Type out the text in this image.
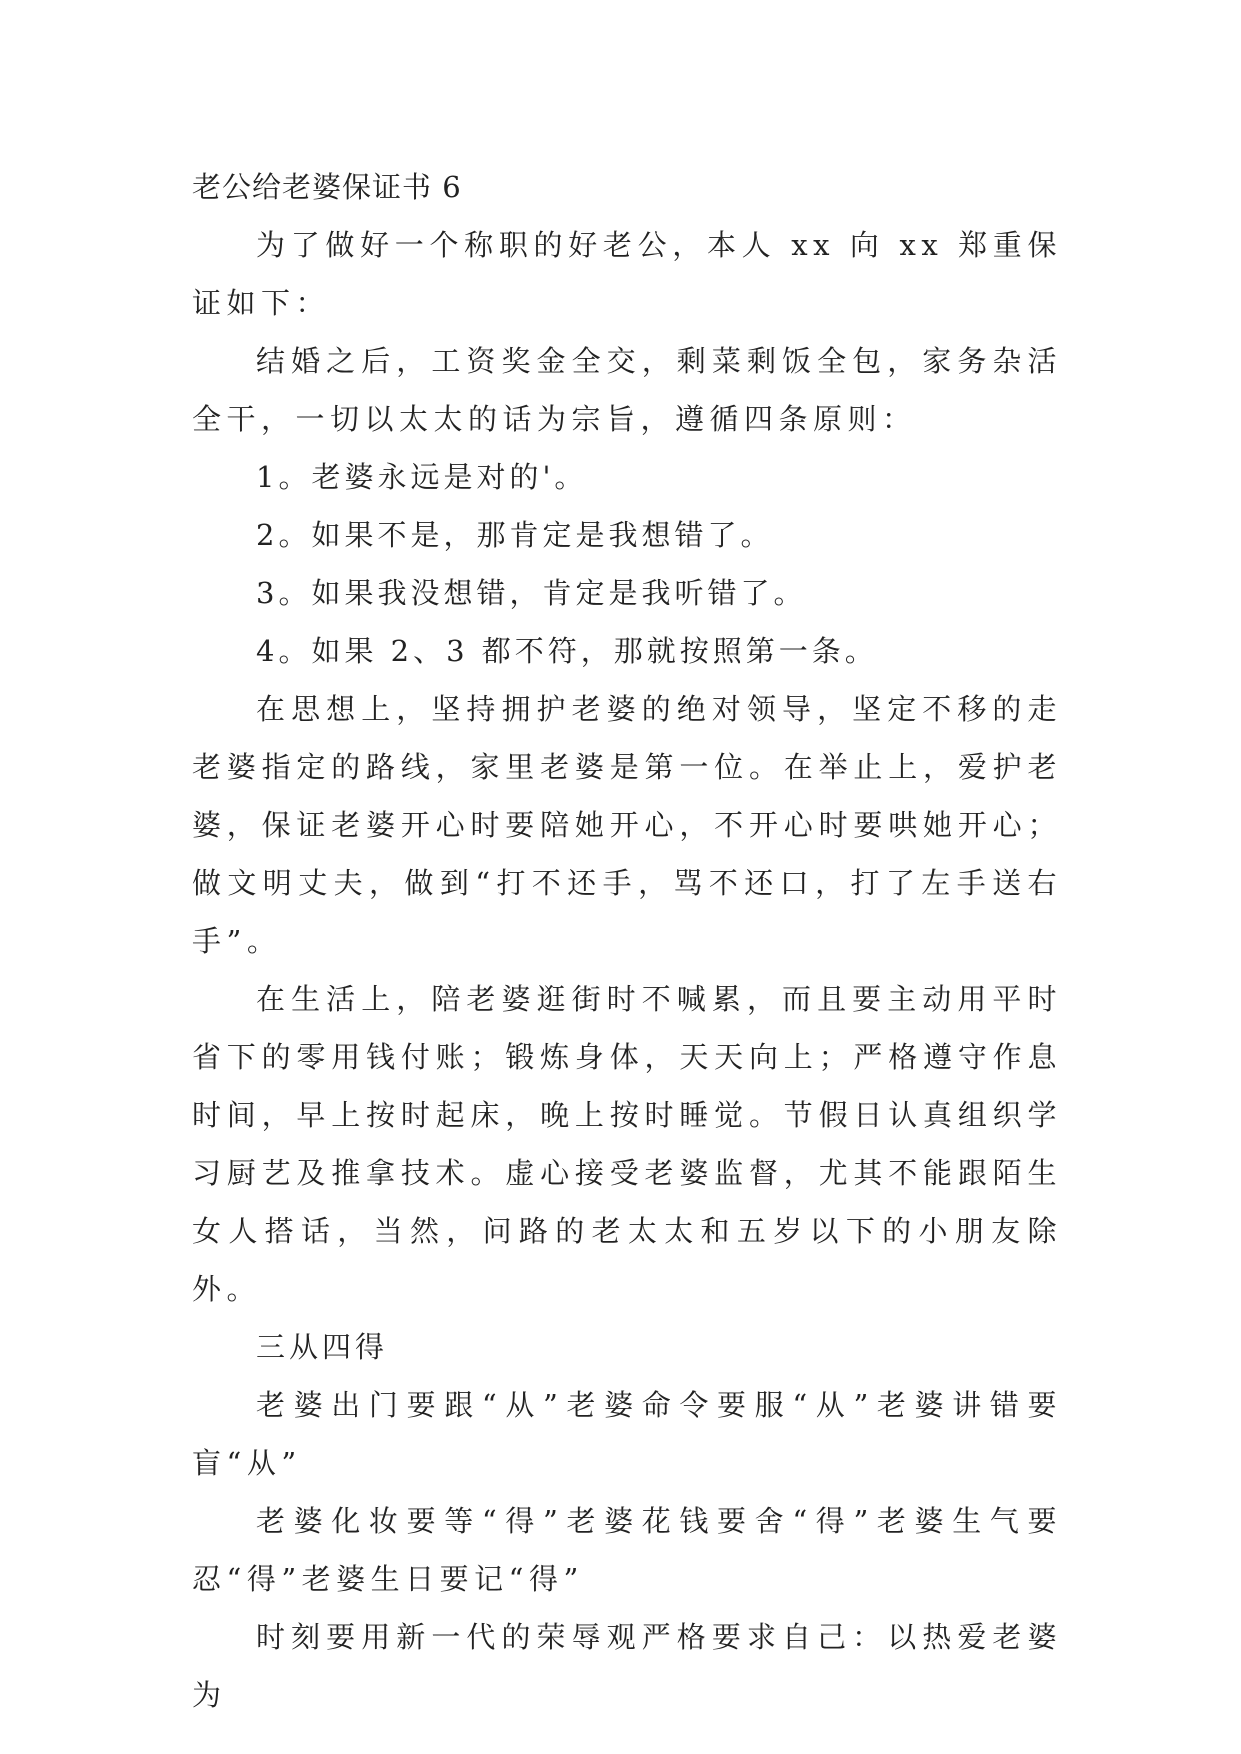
老公给老婆保证书 6

为了做好一个称职的好老公，本人 xx 向 xx 郑重保证如下：

结婚之后，工资奖金全交，剩菜剩饭全包，家务杂活全干，一切以太太的话为宗旨，遵循四条原则：

1。老婆永远是对的'。

2。如果不是，那肯定是我想错了。

3。如果我没想错，肯定是我听错了。

4。如果 2、3 都不符，那就按照第一条。

在思想上，坚持拥护老婆的绝对领导，坚定不移的走老婆指定的路线，家里老婆是第一位。在举止上，爱护老婆，保证老婆开心时要陪她开心，不开心时要哄她开心；做文明丈夫，做到“打不还手，骂不还口，打了左手送右手”。

在生活上，陪老婆逛街时不喊累，而且要主动用平时省下的零用钱付账；锻炼身体，天天向上；严格遵守作息时间，早上按时起床，晚上按时睡觉。节假日认真组织学习厨艺及推拿技术。虚心接受老婆监督，尤其不能跟陌生女人搭话，当然，问路的老太太和五岁以下的小朋友除外。

三从四得

老婆出门要跟“从”老婆命令要服“从”老婆讲错要盲“从”

老婆化妆要等“得”老婆花钱要舍“得”老婆生气要忍“得”老婆生日要记“得”

时刻要用新一代的荣辱观严格要求自己：以热爱老婆为
